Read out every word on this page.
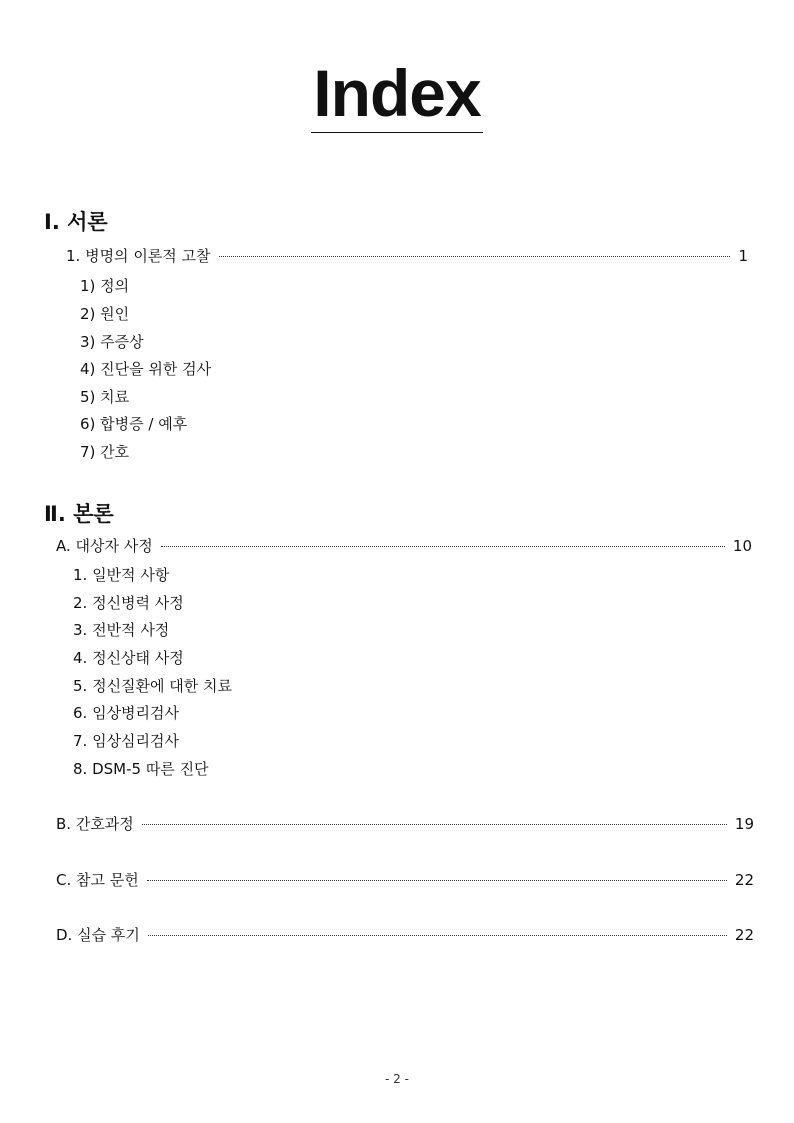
Index
Ⅰ. 서론
1. 병명의 이론적 고찰	1
1) 정의
2) 원인
3) 주증상
4) 진단을 위한 검사
5) 치료
6) 합병증 / 예후
7) 간호
Ⅱ. 본론
A. 대상자 사정	10
1. 일반적 사항
2. 정신병력 사정
3. 전반적 사정
4. 정신상태 사정
5. 정신질환에 대한 치료
6. 임상병리검사
7. 임상심리검사
8. DSM-5 따른 진단
B. 간호과정	19
C. 참고 문헌	22
D. 실습 후기	22
- 2 -
